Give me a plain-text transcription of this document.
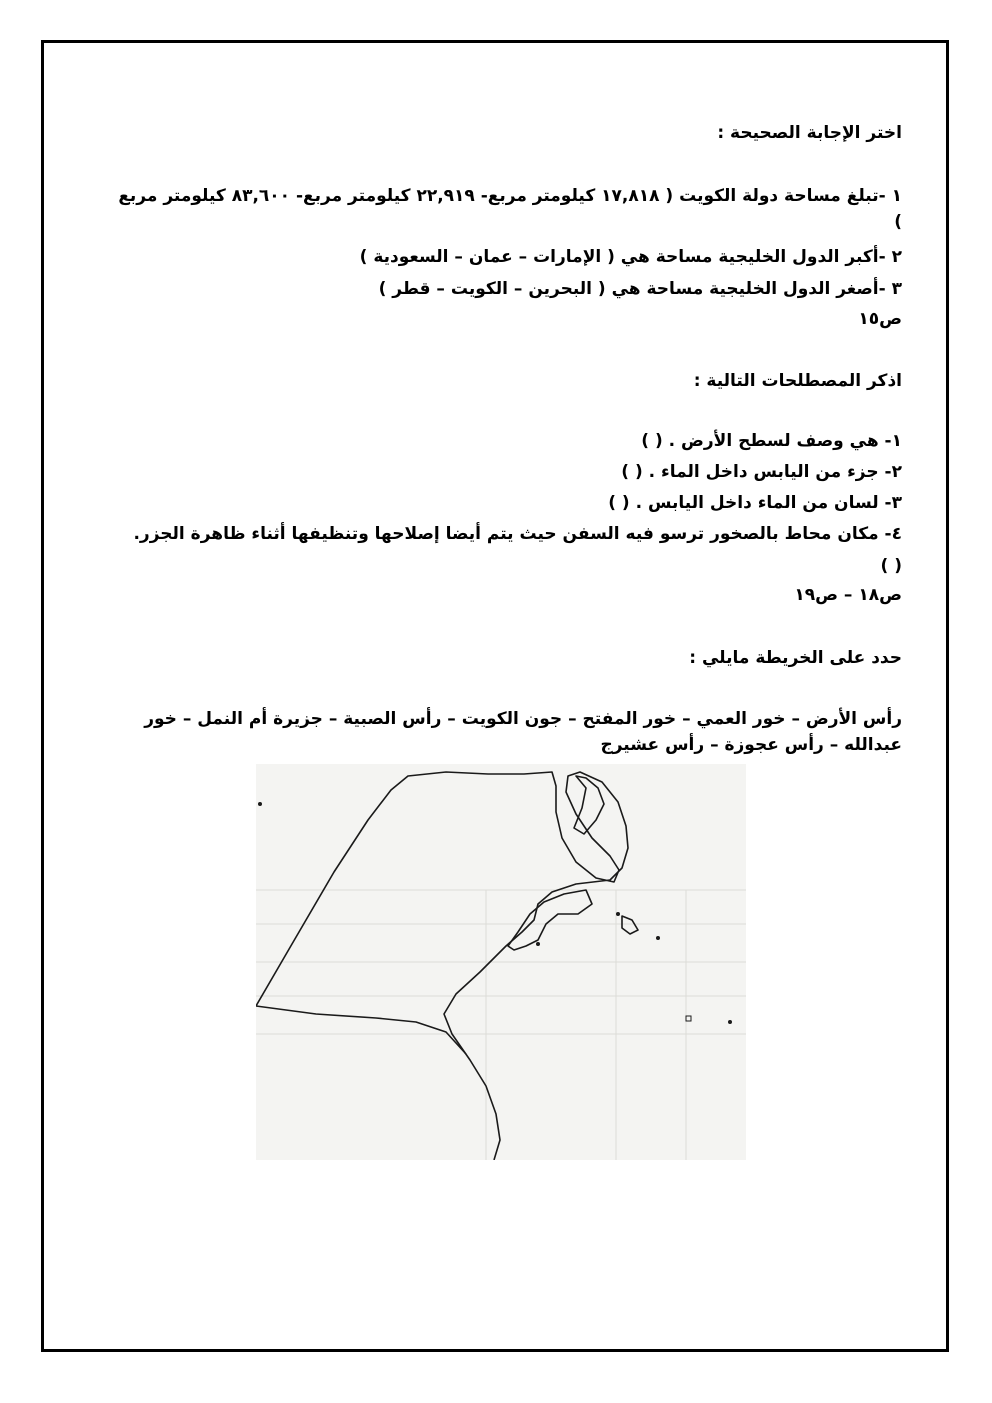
اختر الإجابة الصحيحة :

١ -تبلغ مساحة دولة الكويت ( ١٧,٨١٨ كيلومتر مربع- ٢٢,٩١٩ كيلومتر مربع- ٨٣,٦٠٠ كيلومتر مربع )

٢ -أكبر الدول الخليجية مساحة هي ( الإمارات – عمان – السعودية )

٣ -أصغر الدول الخليجية مساحة هي ( البحرين – الكويت – قطر )

ص١٥

اذكر المصطلحات التالية :

١- هي وصف لسطح الأرض . ( )

٢- جزء من اليابس داخل الماء . ( )

٣- لسان من الماء داخل اليابس . ( )

٤- مكان محاط بالصخور ترسو فيه السفن حيث يتم أيضا إصلاحها وتنظيفها أثناء ظاهرة الجزر.

( )

ص١٨ – ص١٩

حدد على الخريطة مايلي :

رأس الأرض – خور العمي – خور المفتح – جون الكويت – رأس الصبية – جزيرة أم النمل – خور عبدالله – رأس عجوزة – رأس عشيرج
